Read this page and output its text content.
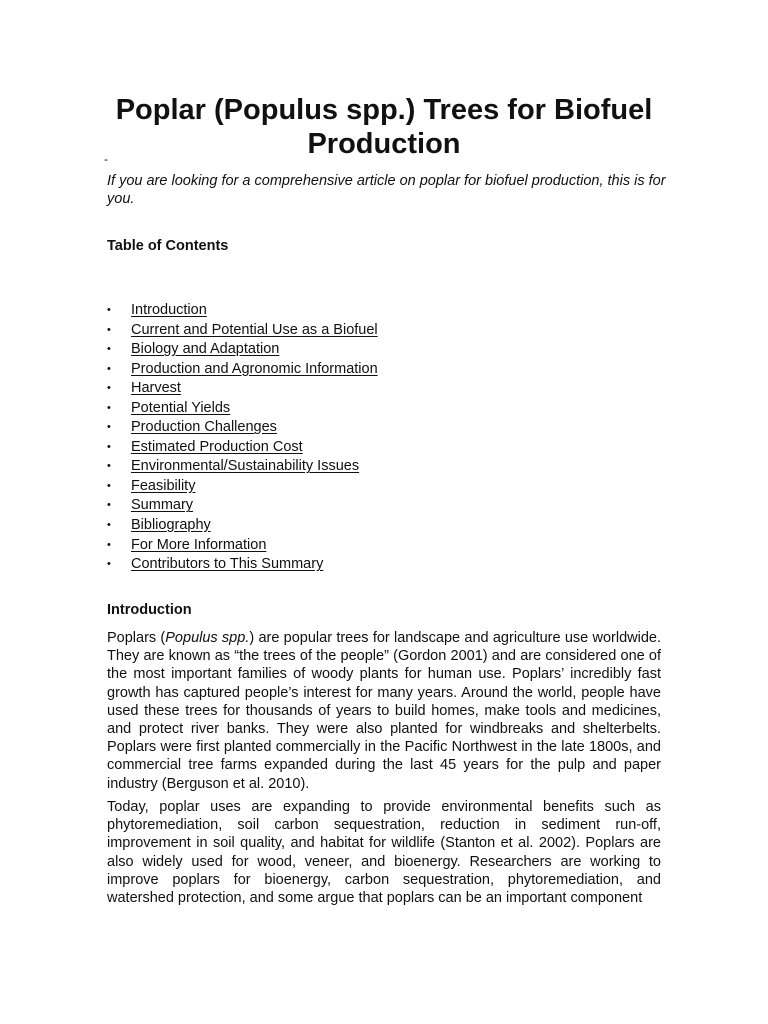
Poplar (Populus spp.) Trees for Biofuel Production
-

If you are looking for a comprehensive article on poplar for biofuel production, this is for you.

Table of Contents
• Introduction
• Current and Potential Use as a Biofuel
• Biology and Adaptation
• Production and Agronomic Information
• Harvest
• Potential Yields
• Production Challenges
• Estimated Production Cost
• Environmental/Sustainability Issues
• Feasibility
• Summary
• Bibliography
• For More Information
• Contributors to This Summary
Introduction

Poplars (Populus spp.) are popular trees for landscape and agriculture use worldwide. They are known as “the trees of the people” (Gordon 2001) and are considered one of the most important families of woody plants for human use. Poplars’ incredibly fast growth has captured people’s interest for many years. Around the world, people have used these trees for thousands of years to build homes, make tools and medicines, and protect river banks. They were also planted for windbreaks and shelterbelts. Poplars were first planted commercially in the Pacific Northwest in the late 1800s, and commercial tree farms expanded during the last 45 years for the pulp and paper industry (Berguson et al. 2010).

Today, poplar uses are expanding to provide environmental benefits such as phytoremediation, soil carbon sequestration, reduction in sediment run-off, improvement in soil quality, and habitat for wildlife (Stanton et al. 2002). Poplars are also widely used for wood, veneer, and bioenergy. Researchers are working to improve poplars for bioenergy, carbon sequestration, phytoremediation, and watershed protection, and some argue that poplars can be an important component
